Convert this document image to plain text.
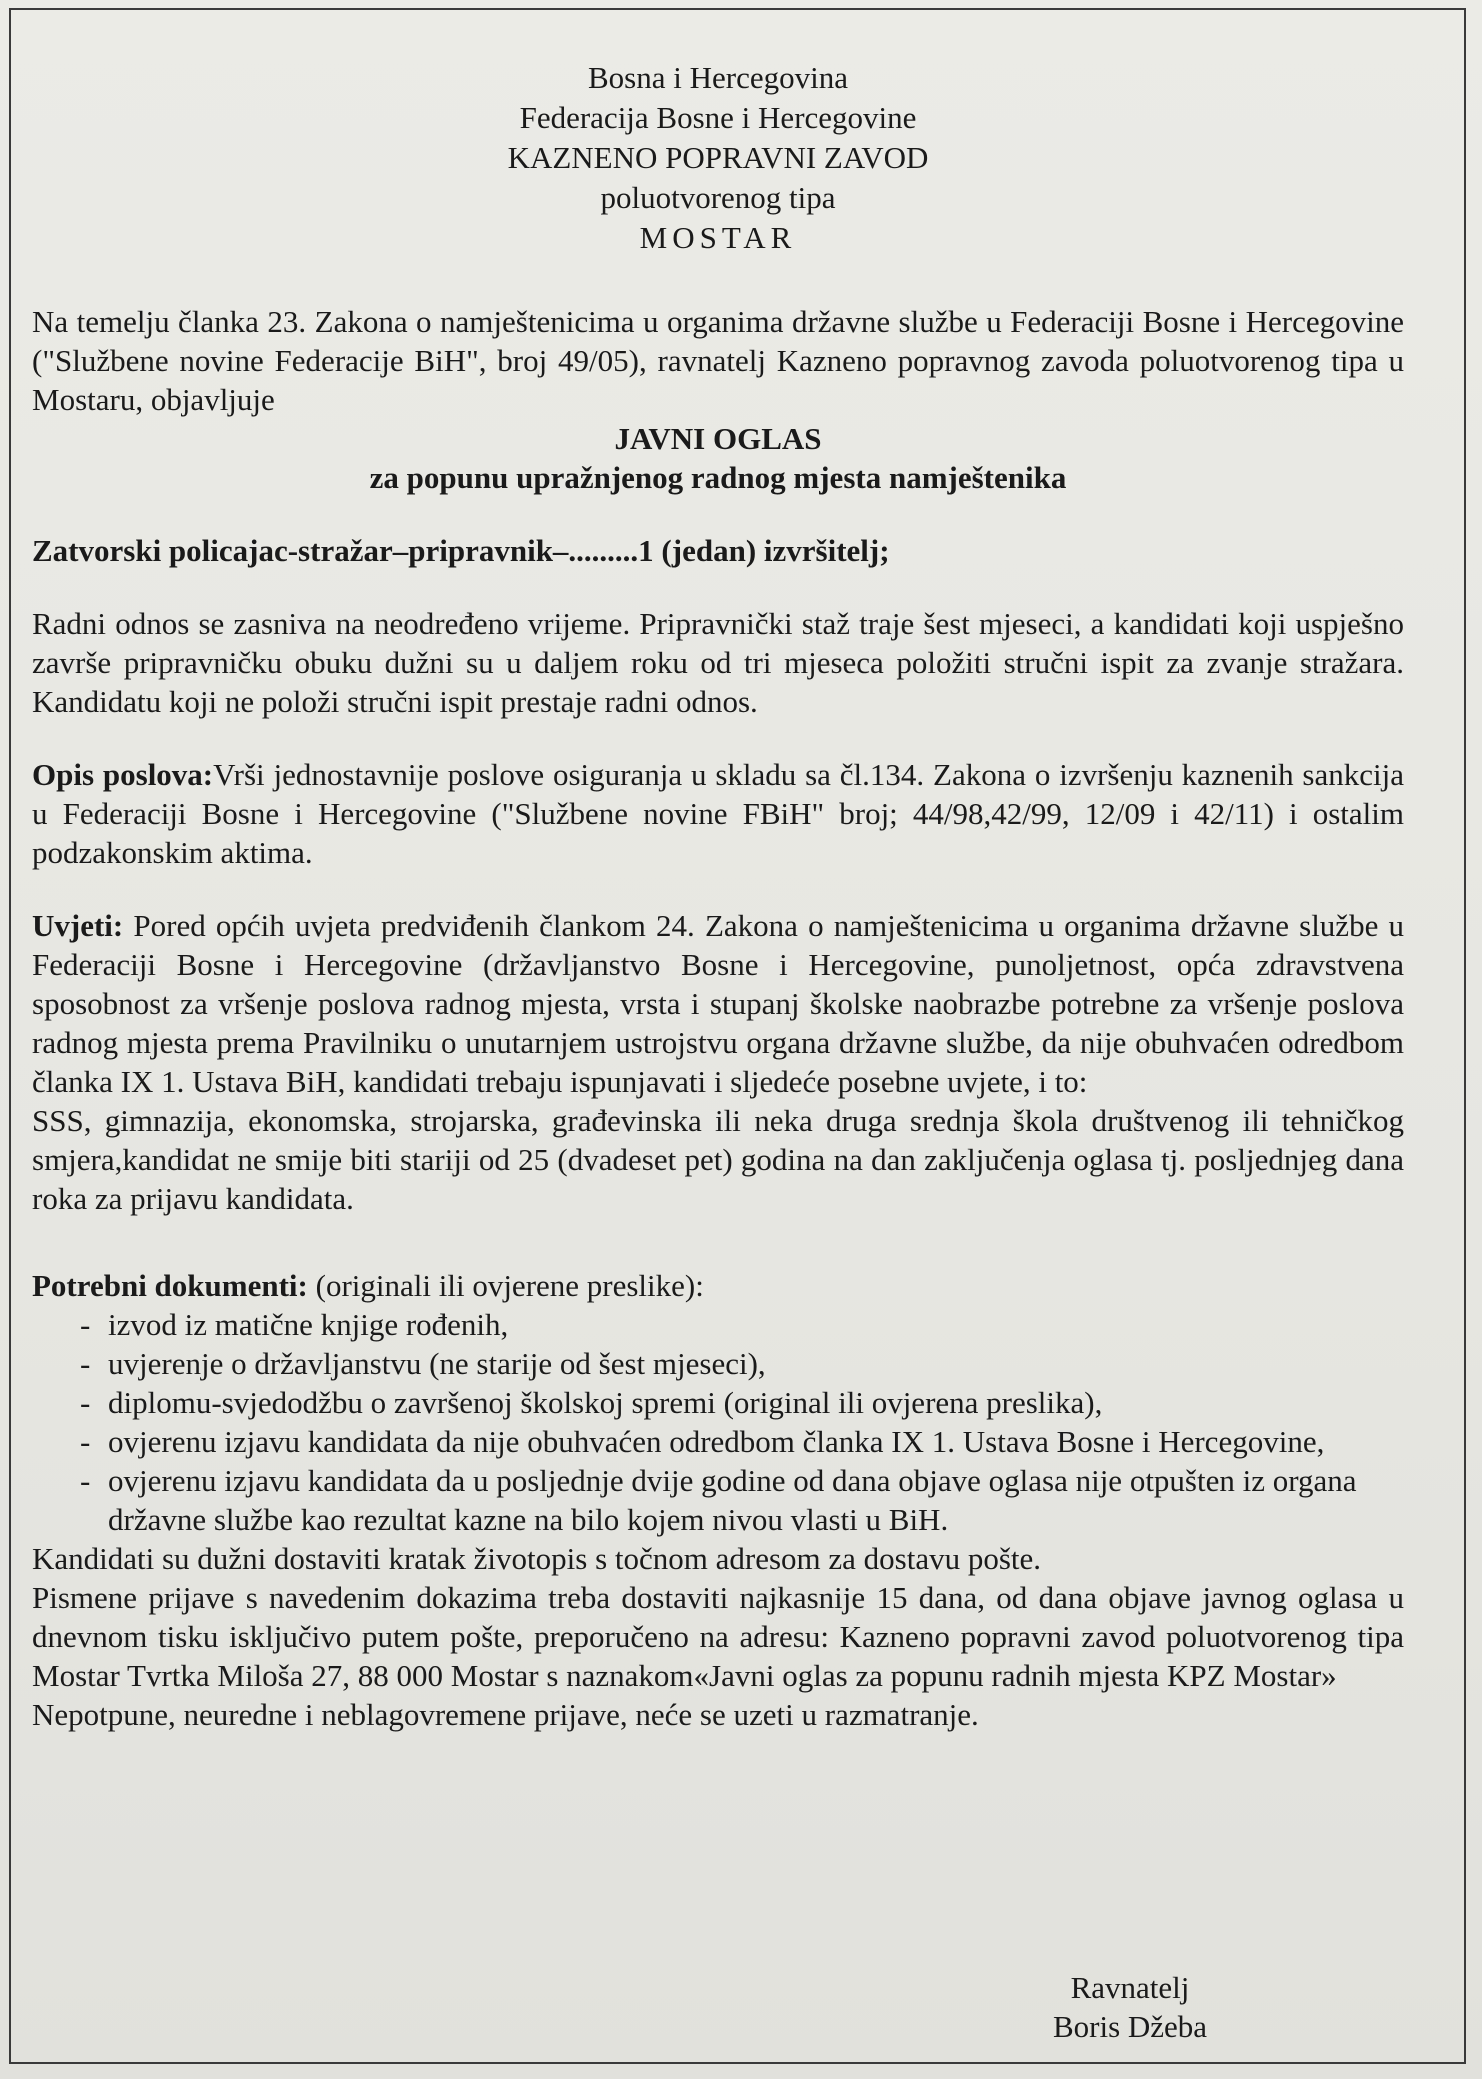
Bosna i Hercegovina
Federacija Bosne i Hercegovine
KAZNENO POPRAVNI ZAVOD
poluotvorenog tipa
MOSTAR

Na temelju članka 23. Zakona o namještenicima u organima državne službe u Federaciji Bosne i Hercegovine ("Službene novine Federacije BiH", broj 49/05), ravnatelj Kazneno popravnog zavoda poluotvorenog tipa u Mostaru, objavljuje

JAVNI OGLAS
za popunu upražnjenog radnog mjesta namještenika

Zatvorski policajac-stražar–pripravnik–.........1 (jedan) izvršitelj;

Radni odnos se zasniva na neodređeno vrijeme. Pripravnički staž traje šest mjeseci, a kandidati koji uspješno završe pripravničku obuku dužni su u daljem roku od tri mjeseca položiti stručni ispit za zvanje stražara. Kandidatu koji ne položi stručni ispit prestaje radni odnos.

Opis poslova:Vrši jednostavnije poslove osiguranja u skladu sa čl.134. Zakona o izvršenju kaznenih sankcija u Federaciji Bosne i Hercegovine ("Službene novine FBiH" broj; 44/98,42/99, 12/09 i 42/11) i ostalim podzakonskim aktima.

Uvjeti: Pored općih uvjeta predviđenih člankom 24. Zakona o namještenicima u organima državne službe u Federaciji Bosne i Hercegovine (državljanstvo Bosne i Hercegovine, punoljetnost, opća zdravstvena sposobnost za vršenje poslova radnog mjesta, vrsta i stupanj školske naobrazbe potrebne za vršenje poslova radnog mjesta prema Pravilniku o unutarnjem ustrojstvu organa državne službe, da nije obuhvaćen odredbom članka IX 1. Ustava BiH, kandidati trebaju ispunjavati i sljedeće posebne uvjete, i to:

SSS, gimnazija, ekonomska, strojarska, građevinska ili neka druga srednja škola društvenog ili tehničkog smjera,kandidat ne smije biti stariji od 25 (dvadeset pet) godina na dan zaključenja oglasa tj. posljednjeg dana roka za prijavu kandidata.

Potrebni dokumenti: (originali ili ovjerene preslike):

- izvod iz matične knjige rođenih,
- uvjerenje o državljanstvu (ne starije od šest mjeseci),
- diplomu-svjedodžbu o završenoj školskoj spremi (original ili ovjerena preslika),
- ovjerenu izjavu kandidata da nije obuhvaćen odredbom članka IX 1. Ustava Bosne i Hercegovine,
- ovjerenu izjavu kandidata da u posljednje dvije godine od dana objave oglasa nije otpušten iz organa državne službe kao rezultat kazne na bilo kojem nivou vlasti u BiH.

Kandidati su dužni dostaviti kratak životopis s točnom adresom za dostavu pošte.

Pismene prijave s navedenim dokazima treba dostaviti najkasnije 15 dana, od dana objave javnog oglasa u dnevnom tisku isključivo putem pošte, preporučeno na adresu: Kazneno popravni zavod poluotvorenog tipa Mostar Tvrtka Miloša 27, 88 000 Mostar s naznakom«Javni oglas za popunu radnih mjesta KPZ Mostar»

Nepotpune, neuredne i neblagovremene prijave, neće se uzeti u razmatranje.

Ravnatelj
Boris Džeba
